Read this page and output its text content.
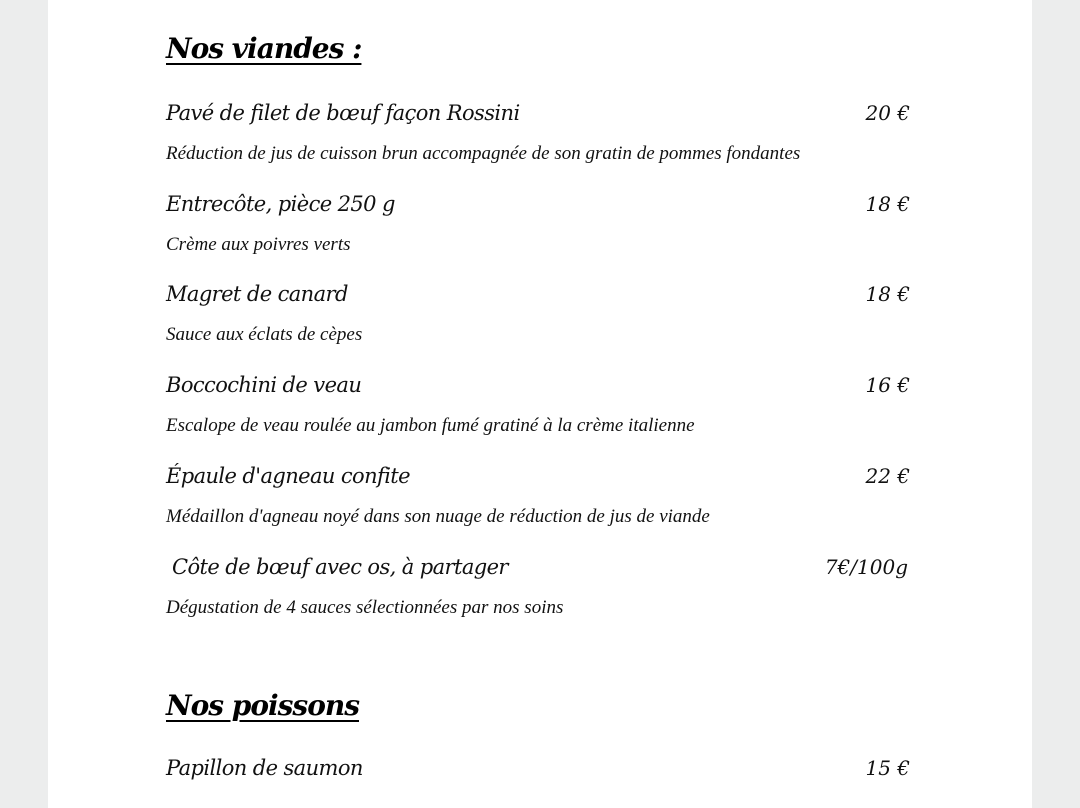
Nos viandes :
Pavé de filet de bœuf façon Rossini	20 €
Réduction de jus de cuisson brun accompagnée de son gratin de pommes fondantes
Entrecôte, pièce 250 g	18 €
Crème aux poivres verts
Magret de canard	18 €
Sauce aux éclats de cèpes
Boccochini de veau	16 €
Escalope de veau roulée au jambon fumé gratiné à la crème italienne
Épaule d'agneau confite	22 €
Médaillon d'agneau noyé dans son nuage de réduction de jus de viande
Côte de bœuf avec os, à partager	7€/100g
Dégustation de 4 sauces sélectionnées par nos soins
Nos poissons
Papillon de saumon	15 €
